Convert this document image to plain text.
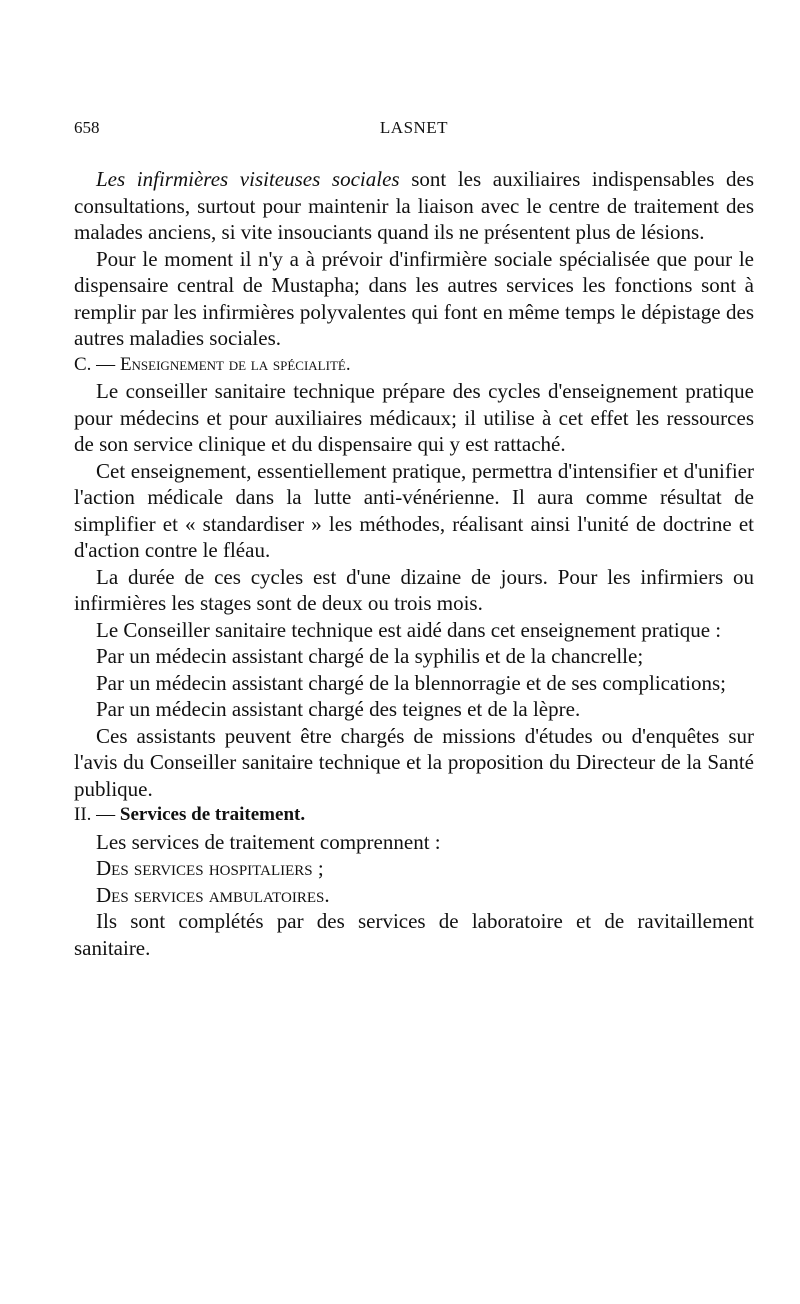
658	LASNET

Les infirmières visiteuses sociales sont les auxiliaires indispensables des consultations, surtout pour maintenir la liaison avec le centre de traitement des malades anciens, si vite insouciants quand ils ne présentent plus de lésions.

Pour le moment il n'y a à prévoir d'infirmière sociale spécialisée que pour le dispensaire central de Mustapha; dans les autres services les fonctions sont à remplir par les infirmières polyvalentes qui font en même temps le dépistage des autres maladies sociales.

C. — Enseignement de la spécialité.

Le conseiller sanitaire technique prépare des cycles d'enseignement pratique pour médecins et pour auxiliaires médicaux; il utilise à cet effet les ressources de son service clinique et du dispensaire qui y est rattaché.

Cet enseignement, essentiellement pratique, permettra d'intensifier et d'unifier l'action médicale dans la lutte anti-vénérienne. Il aura comme résultat de simplifier et « standardiser » les méthodes, réalisant ainsi l'unité de doctrine et d'action contre le fléau.

La durée de ces cycles est d'une dizaine de jours. Pour les infirmiers ou infirmières les stages sont de deux ou trois mois.

Le Conseiller sanitaire technique est aidé dans cet enseignement pratique :

Par un médecin assistant chargé de la syphilis et de la chancrelle;

Par un médecin assistant chargé de la blennorragie et de ses complications;

Par un médecin assistant chargé des teignes et de la lèpre.

Ces assistants peuvent être chargés de missions d'études ou d'enquêtes sur l'avis du Conseiller sanitaire technique et la proposition du Directeur de la Santé publique.

II. — Services de traitement.

Les services de traitement comprennent :

Des services hospitaliers ;

Des services ambulatoires.

Ils sont complétés par des services de laboratoire et de ravitaillement sanitaire.
